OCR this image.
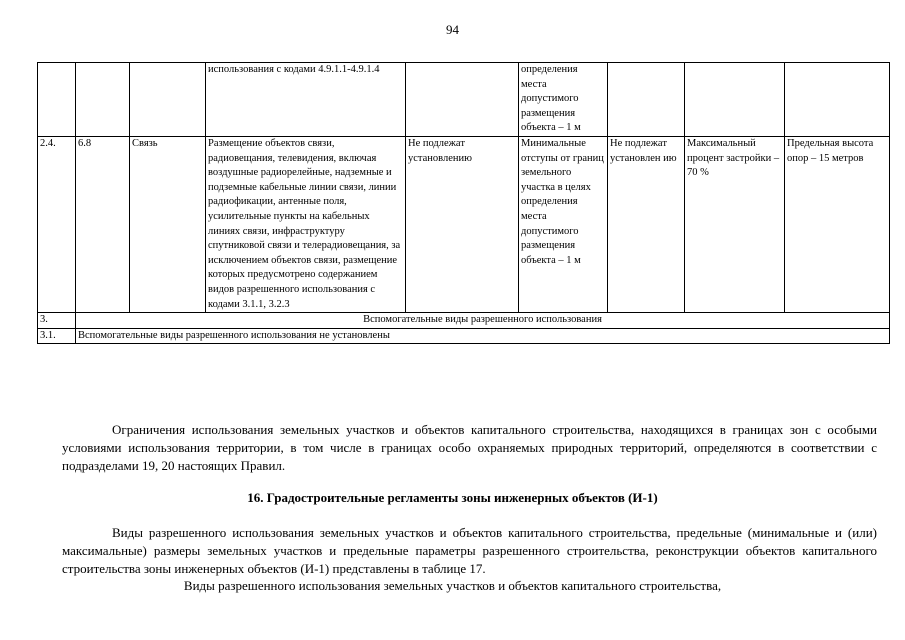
94
			использования с кодами 4.9.1.1-4.9.1.4		определения места допустимого размещения объекта – 1 м			
2.4.	6.8	Связь	Размещение объектов связи, радиовещания, телевидения, включая воздушные радиорелейные, надземные и подземные кабельные линии связи, линии радиофикации, антенные поля, усилительные пункты на кабельных линиях связи, инфраструктуру спутниковой связи и телерадиовещания, за исключением объектов связи, размещение которых предусмотрено содержанием видов разрешенного использования с кодами 3.1.1, 3.2.3	Не подлежат установлению	Минимальные отступы от границ земельного участка в целях определения места допустимого размещения объекта – 1 м	Не подлежат установлен ию	Максимальный процент застройки – 70 %	Предельная высота опор – 15 метров
3.	Вспомогательные виды разрешенного использования							
3.1.	Вспомогательные виды разрешенного использования не установлены							
Ограничения использования земельных участков и объектов капитального строительства, находящихся в границах зон с особыми условиями использования территории, в том числе в границах особо охраняемых природных территорий, определяются в соответствии с подразделами 19, 20 настоящих Правил.
16. Градостроительные регламенты зоны инженерных объектов (И-1)
Виды разрешенного использования земельных участков и объектов капитального строительства, предельные (минимальные и (или) максимальные) размеры земельных участков и предельные параметры разрешенного строительства, реконструкции объектов капитального строительства зоны инженерных объектов (И-1) представлены в таблице 17.
Виды разрешенного использования земельных участков и объектов капитального строительства,
